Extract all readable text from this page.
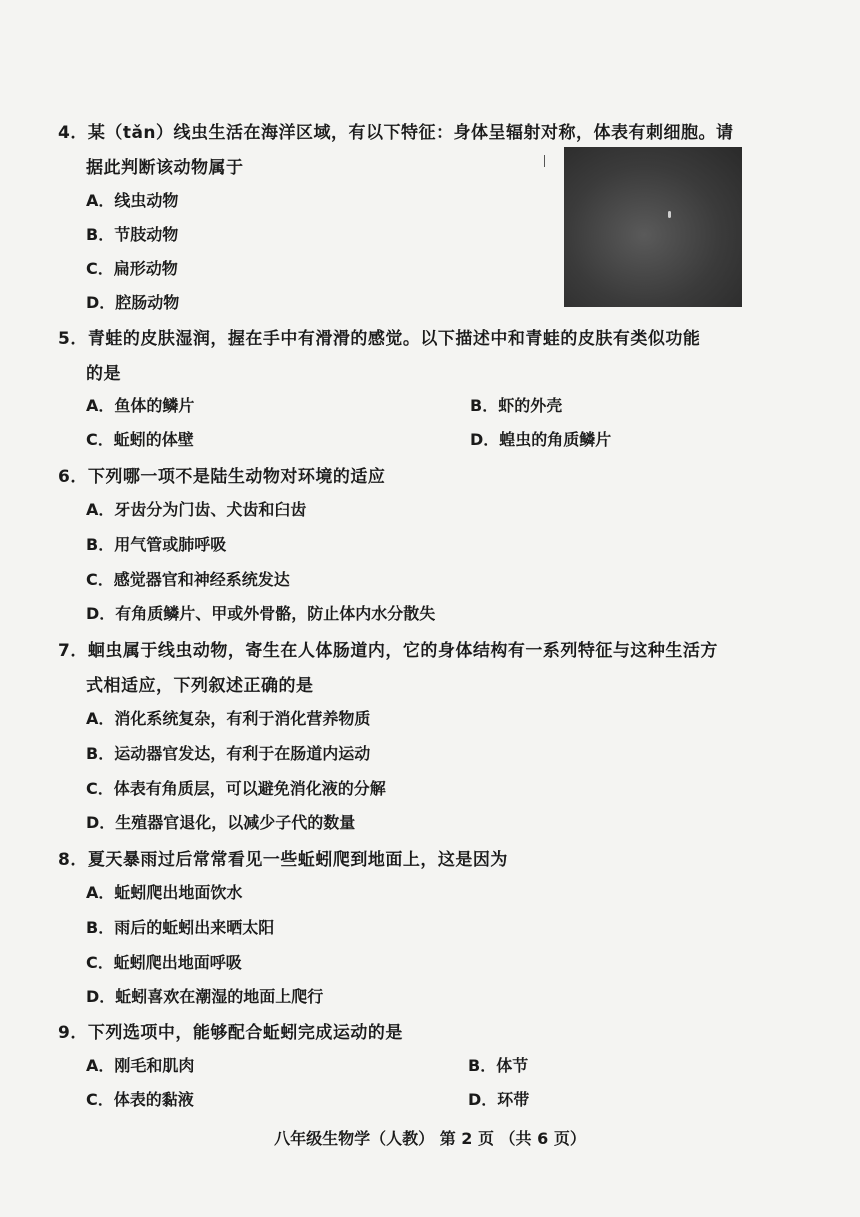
4．某（tǎn）线虫生活在海洋区域，有以下特征：身体呈辐射对称，体表有刺细胞。请
据此判断该动物属于
A．线虫动物
B．节肢动物
C．扁形动物
D．腔肠动物
5．青蛙的皮肤湿润，握在手中有滑滑的感觉。以下描述中和青蛙的皮肤有类似功能
的是
A．鱼体的鳞片	B．虾的外壳
C．蚯蚓的体壁	D．蝗虫的角质鳞片
6．下列哪一项不是陆生动物对环境的适应
A．牙齿分为门齿、犬齿和臼齿
B．用气管或肺呼吸
C．感觉器官和神经系统发达
D．有角质鳞片、甲或外骨骼，防止体内水分散失
7．蛔虫属于线虫动物，寄生在人体肠道内，它的身体结构有一系列特征与这种生活方
式相适应，下列叙述正确的是
A．消化系统复杂，有利于消化营养物质
B．运动器官发达，有利于在肠道内运动
C．体表有角质层，可以避免消化液的分解
D．生殖器官退化，以减少子代的数量
8．夏天暴雨过后常常看见一些蚯蚓爬到地面上，这是因为
A．蚯蚓爬出地面饮水
B．雨后的蚯蚓出来晒太阳
C．蚯蚓爬出地面呼吸
D．蚯蚓喜欢在潮湿的地面上爬行
9．下列选项中，能够配合蚯蚓完成运动的是
A．刚毛和肌肉	B．体节
C．体表的黏液	D．环带
八年级生物学（人教） 第 2 页 （共 6 页）
